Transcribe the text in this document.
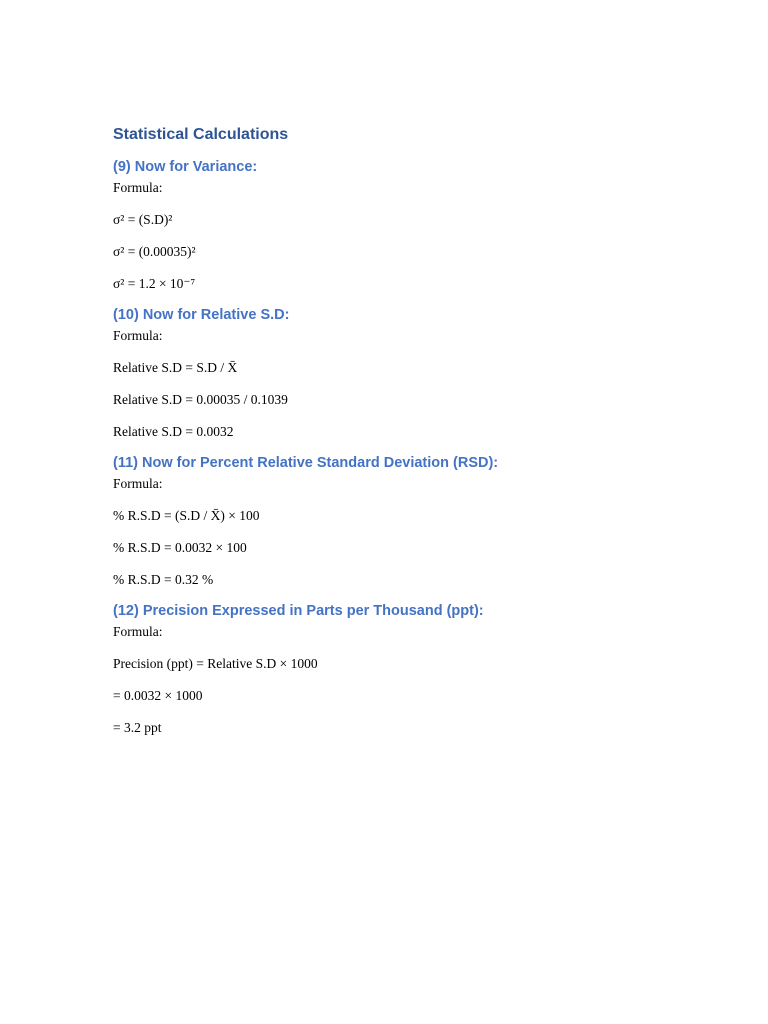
Statistical Calculations
(9) Now for Variance:
Formula:
σ² = (S.D)²
σ² = (0.00035)²
σ² = 1.2 × 10⁻⁷
(10) Now for Relative S.D:
Formula:
Relative S.D = S.D / X̄
Relative S.D = 0.00035 / 0.1039
Relative S.D = 0.0032
(11) Now for Percent Relative Standard Deviation (RSD):
Formula:
% R.S.D = (S.D / X̄) × 100
% R.S.D = 0.0032 × 100
% R.S.D = 0.32 %
(12) Precision Expressed in Parts per Thousand (ppt):
Formula:
Precision (ppt) = Relative S.D × 1000
= 0.0032 × 1000
= 3.2 ppt
